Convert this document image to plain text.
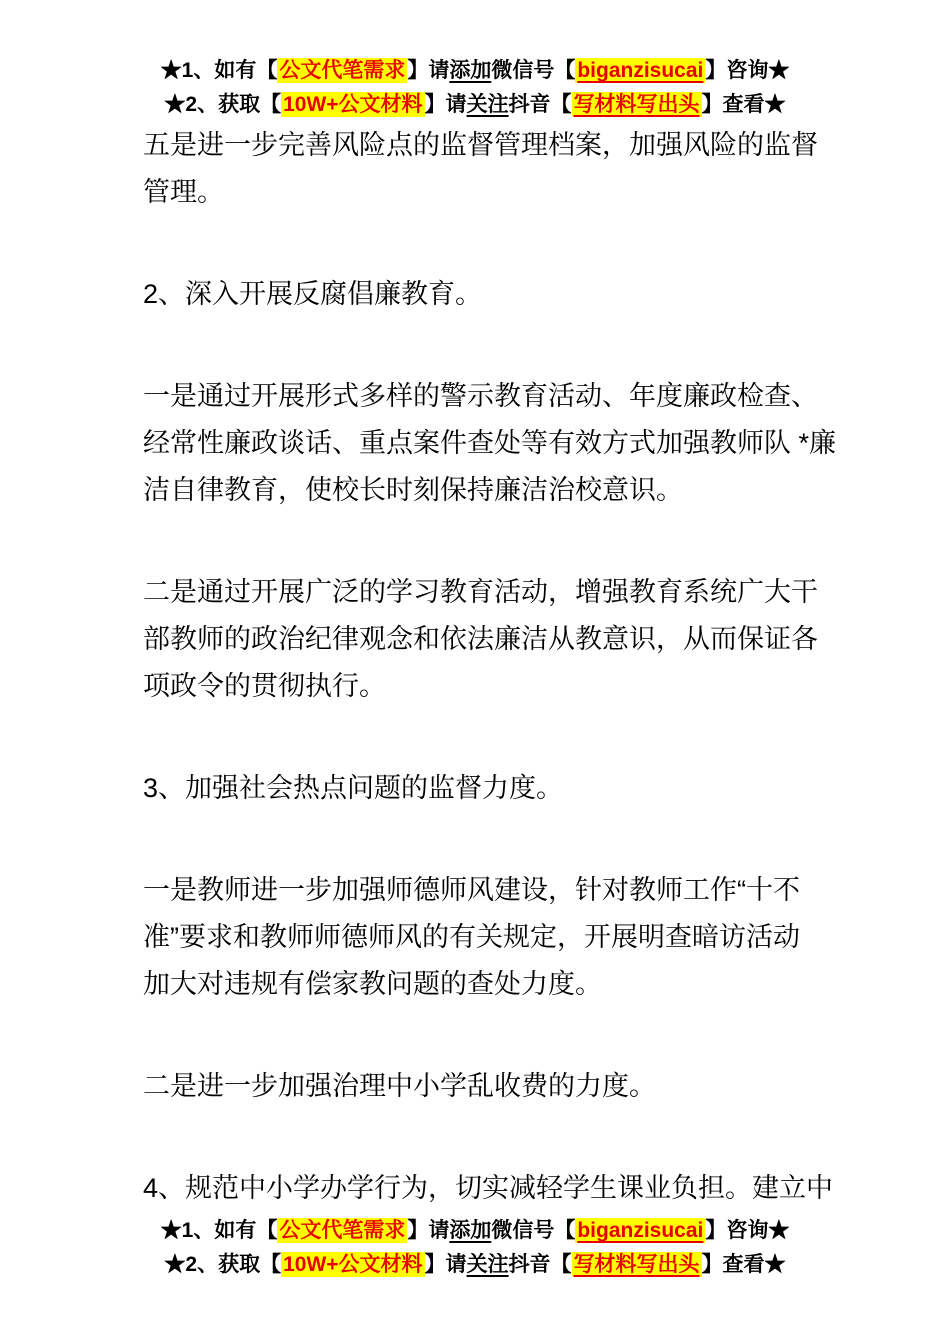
★1、如有【公文代笔需求】请添加微信号【biganzisucai】咨询★
★2、获取【10W+公文材料】请关注抖音【写材料写出头】查看★
五是进一步完善风险点的监督管理档案，加强风险的监督
管理。
2、深入开展反腐倡廉教育。
一是通过开展形式多样的警示教育活动、年度廉政检查、
经常性廉政谈话、重点案件查处等有效方式加强教师队 *廉
洁自律教育，使校长时刻保持廉洁治校意识。
二是通过开展广泛的学习教育活动，增强教育系统广大干
部教师的政治纪律观念和依法廉洁从教意识，从而保证各
项政令的贯彻执行。
3、加强社会热点问题的监督力度。
一是教师进一步加强师德师风建设，针对教师工作“十不
准”要求和教师师德师风的有关规定，开展明查暗访活动
加大对违规有偿家教问题的查处力度。
二是进一步加强治理中小学乱收费的力度。
4、规范中小学办学行为，切实减轻学生课业负担。建立中
★1、如有【公文代笔需求】请添加微信号【biganzisucai】咨询★
★2、获取【10W+公文材料】请关注抖音【写材料写出头】查看★
